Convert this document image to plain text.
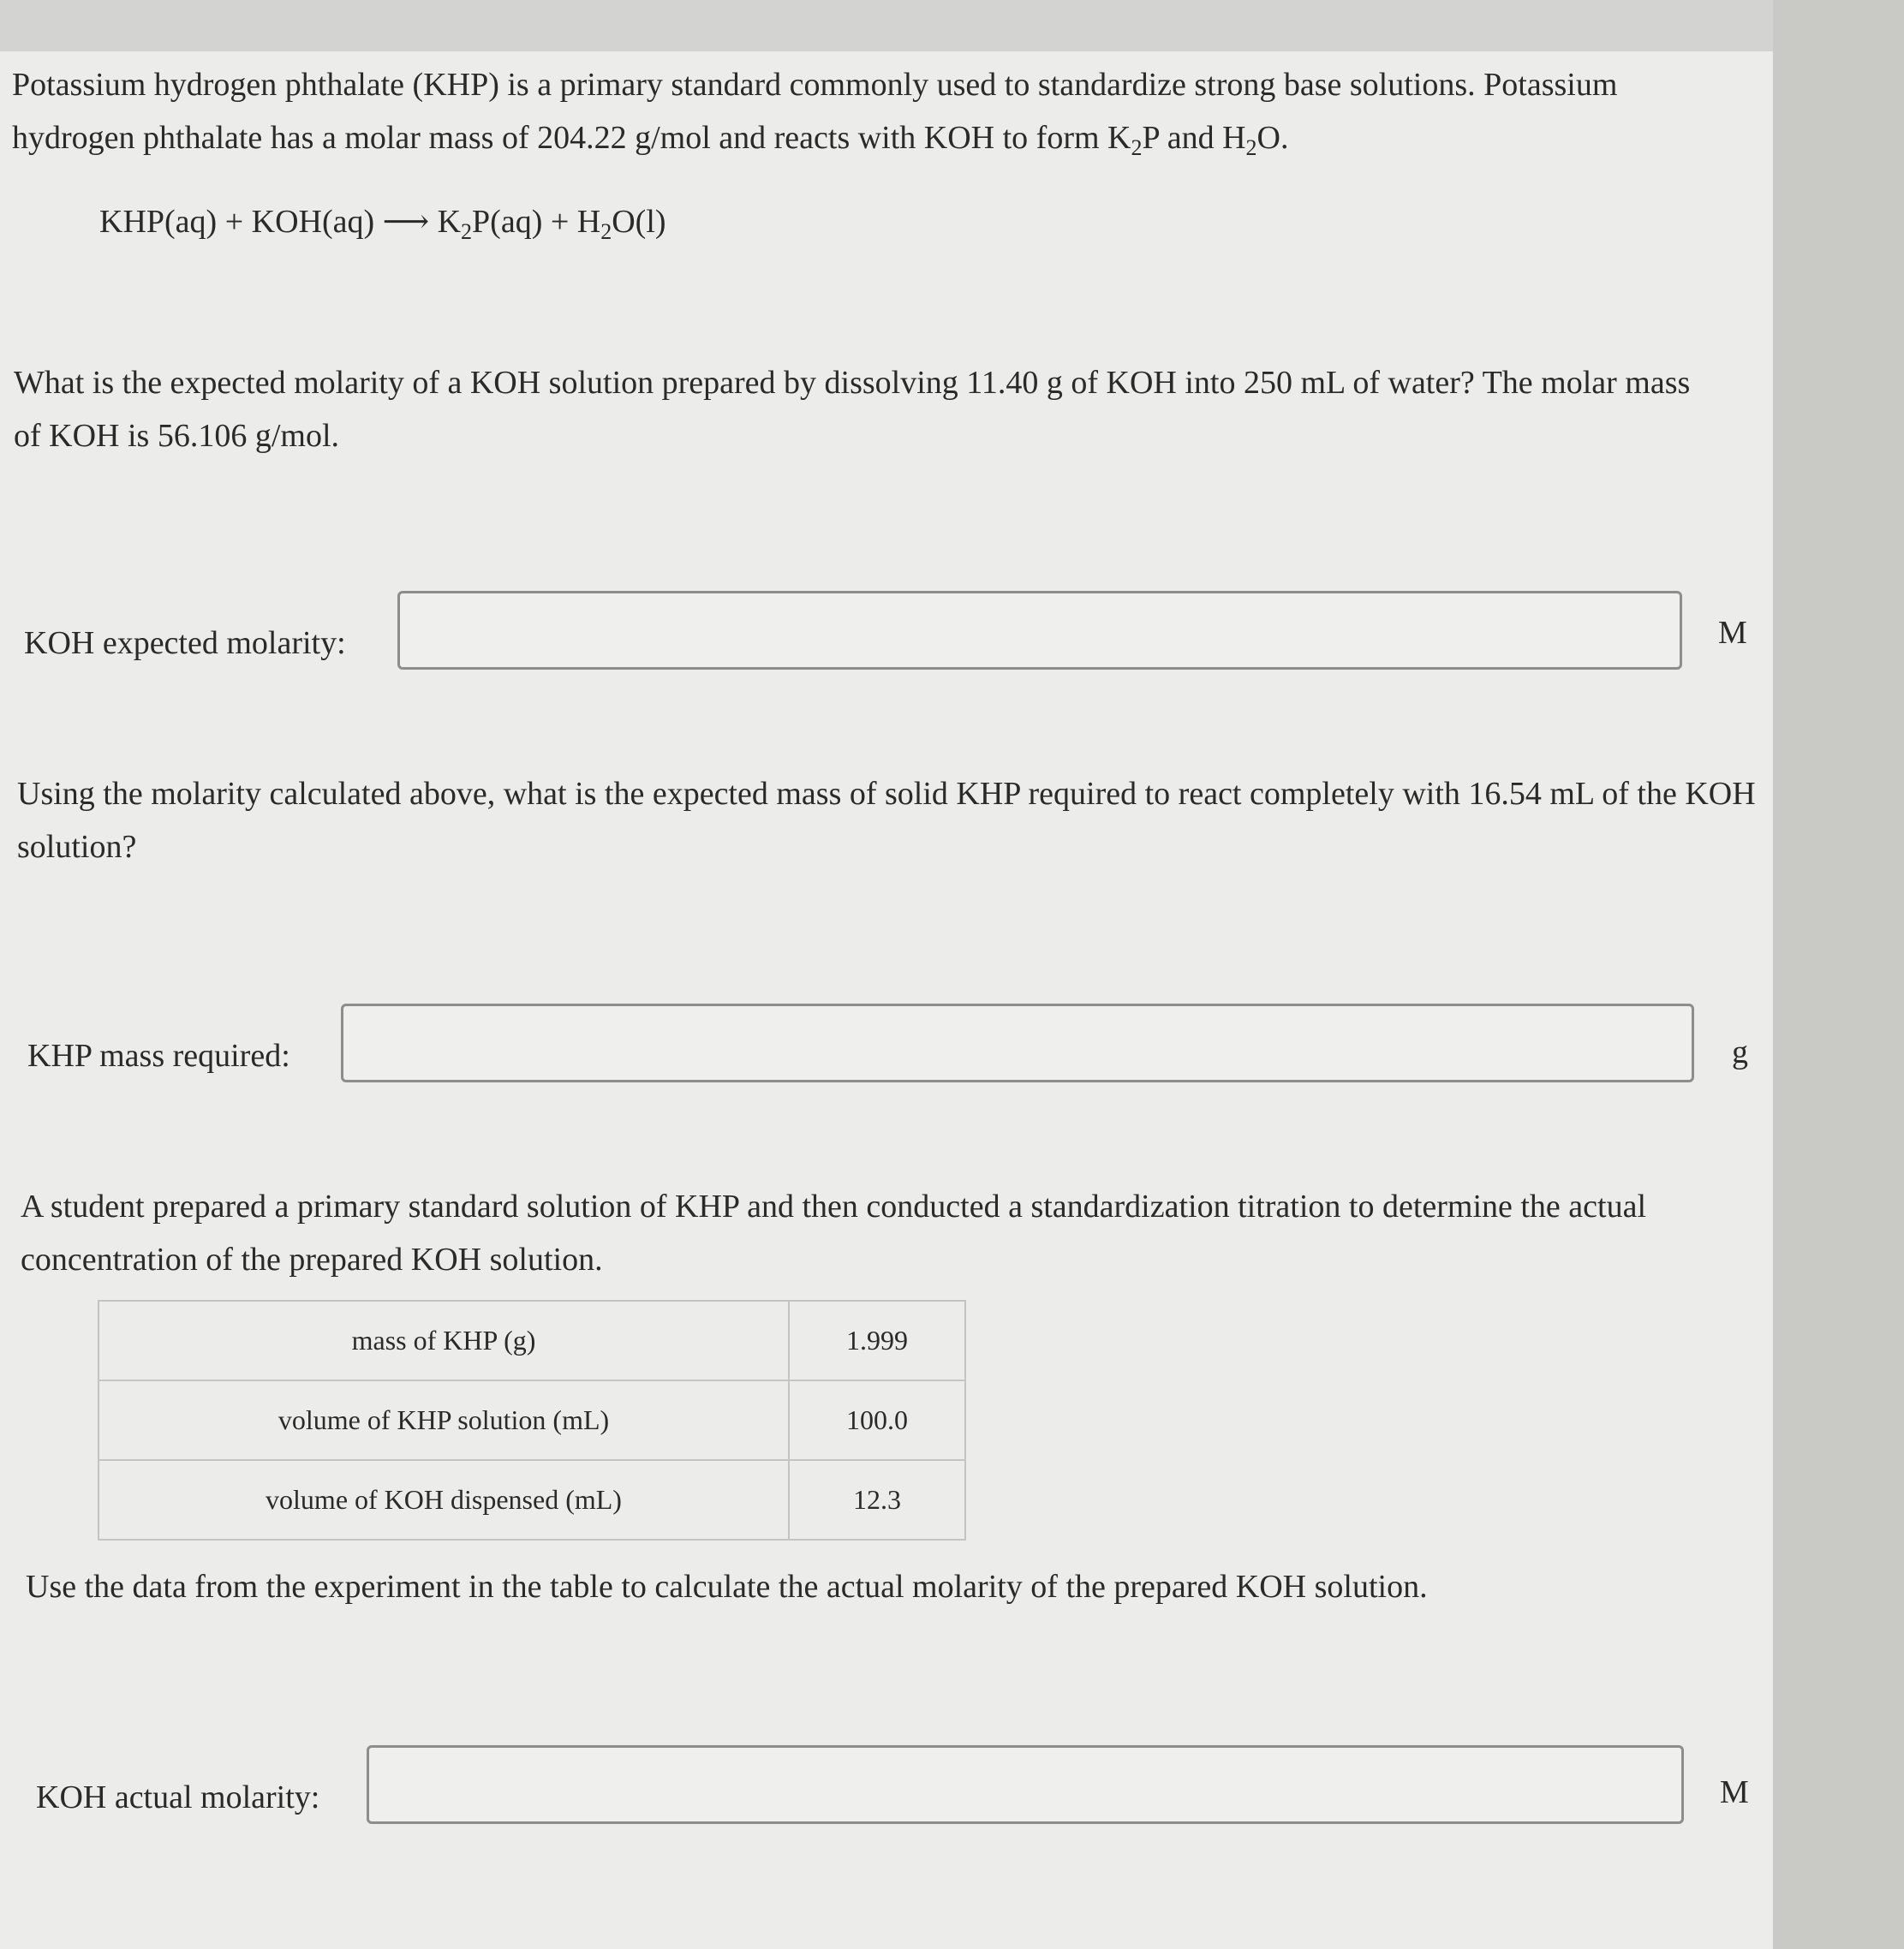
Potassium hydrogen phthalate (KHP) is a primary standard commonly used to standardize strong base solutions. Potassium hydrogen phthalate has a molar mass of 204.22 g/mol and reacts with KOH to form $K_2P$ and $H_2O$.

KHP(aq) + KOH(aq) ⟶ $K_2P(aq) + H_2O(l)$

What is the expected molarity of a KOH solution prepared by dissolving 11.40 g of KOH into 250 mL of water? The molar mass of KOH is 56.106 g/mol.

KOH expected molarity:	M

Using the molarity calculated above, what is the expected mass of solid KHP required to react completely with 16.54 mL of the KOH solution?

KHP mass required:	g

A student prepared a primary standard solution of KHP and then conducted a standardization titration to determine the actual concentration of the prepared KOH solution.

mass of KHP (g)	1.999
volume of KHP solution (mL)	100.0
volume of KOH dispensed (mL)	12.3

Use the data from the experiment in the table to calculate the actual molarity of the prepared KOH solution.

KOH actual molarity:	M
